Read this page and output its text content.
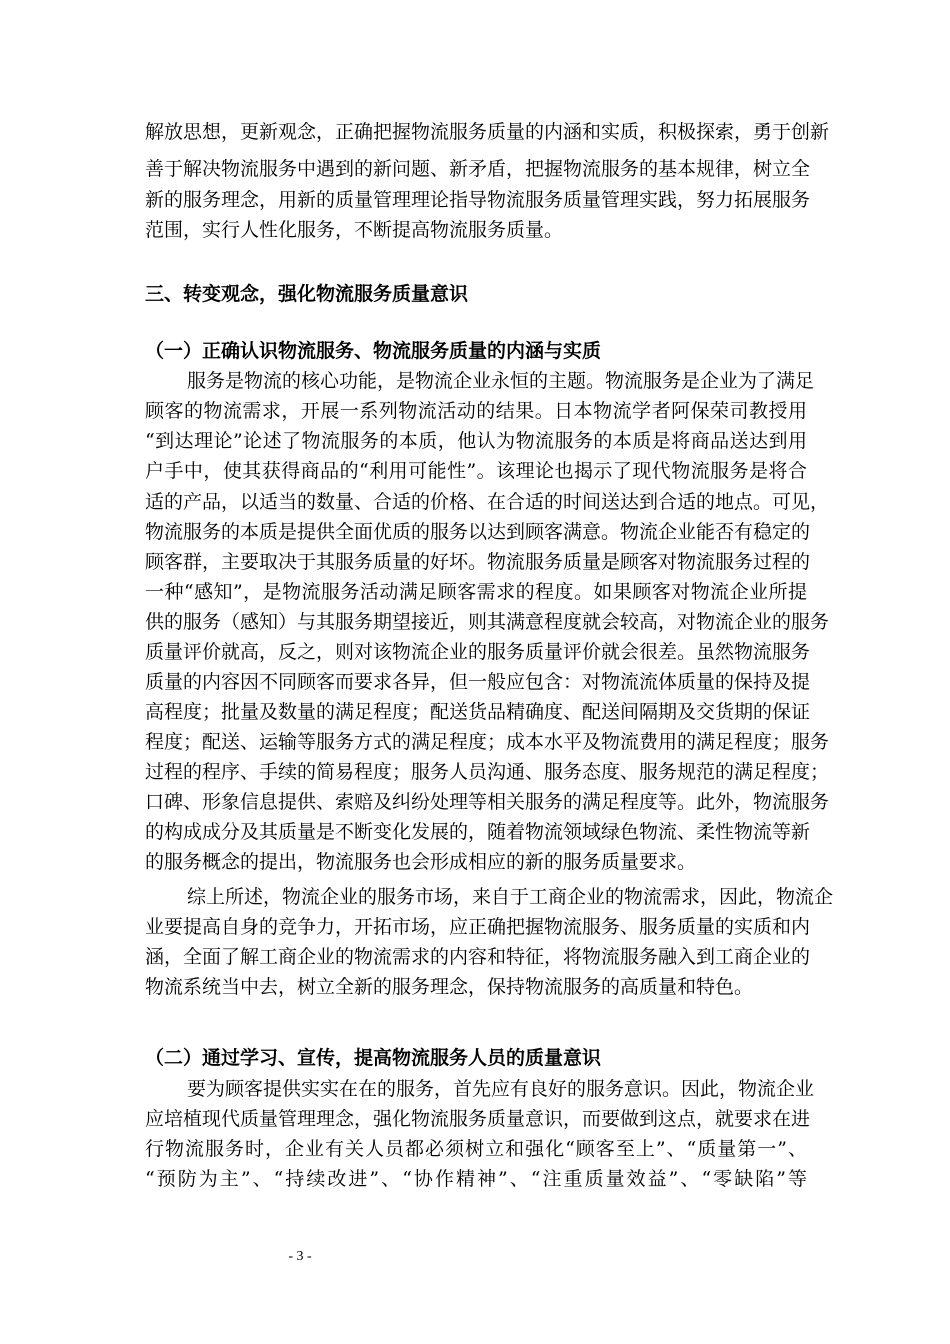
解放思想，更新观念，正确把握物流服务质量的内涵和实质，积极探索，勇于创新
善于解决物流服务中遇到的新问题、新矛盾，把握物流服务的基本规律，树立全
新的服务理念，用新的质量管理理论指导物流服务质量管理实践，努力拓展服务
范围，实行人性化服务，不断提高物流服务质量。
三、转变观念，强化物流服务质量意识
（一）正确认识物流服务、物流服务质量的内涵与实质
服务是物流的核心功能，是物流企业永恒的主题。物流服务是企业为了满足
顾客的物流需求，开展一系列物流活动的结果。日本物流学者阿保荣司教授用
“到达理论”论述了物流服务的本质，他认为物流服务的本质是将商品送达到用
户手中，使其获得商品的“利用可能性”。该理论也揭示了现代物流服务是将合
适的产品，以适当的数量、合适的价格、在合适的时间送达到合适的地点。可见，
物流服务的本质是提供全面优质的服务以达到顾客满意。物流企业能否有稳定的
顾客群，主要取决于其服务质量的好坏。物流服务质量是顾客对物流服务过程的
一种“感知”，是物流服务活动满足顾客需求的程度。如果顾客对物流企业所提
供的服务（感知）与其服务期望接近，则其满意程度就会较高，对物流企业的服务
质量评价就高，反之，则对该物流企业的服务质量评价就会很差。虽然物流服务
质量的内容因不同顾客而要求各异，但一般应包含：对物流流体质量的保持及提
高程度；批量及数量的满足程度；配送货品精确度、配送间隔期及交货期的保证
程度；配送、运输等服务方式的满足程度；成本水平及物流费用的满足程度；服务
过程的程序、手续的简易程度；服务人员沟通、服务态度、服务规范的满足程度；
口碑、形象信息提供、索赔及纠纷处理等相关服务的满足程度等。此外，物流服务
的构成成分及其质量是不断变化发展的，随着物流领域绿色物流、柔性物流等新
的服务概念的提出，物流服务也会形成相应的新的服务质量要求。
综上所述，物流企业的服务市场，来自于工商企业的物流需求，因此，物流企
业要提高自身的竞争力，开拓市场，应正确把握物流服务、服务质量的实质和内
涵，全面了解工商企业的物流需求的内容和特征，将物流服务融入到工商企业的
物流系统当中去，树立全新的服务理念，保持物流服务的高质量和特色。
（二）通过学习、宣传，提高物流服务人员的质量意识
要为顾客提供实实在在的服务，首先应有良好的服务意识。因此，物流企业
应培植现代质量管理理念，强化物流服务质量意识，而要做到这点，就要求在进
行物流服务时，企业有关人员都必须树立和强化“顾客至上”、“质量第一”、
“预防为主”、“持续改进”、“协作精神”、“注重质量效益”、“零缺陷”等
- 3 -
